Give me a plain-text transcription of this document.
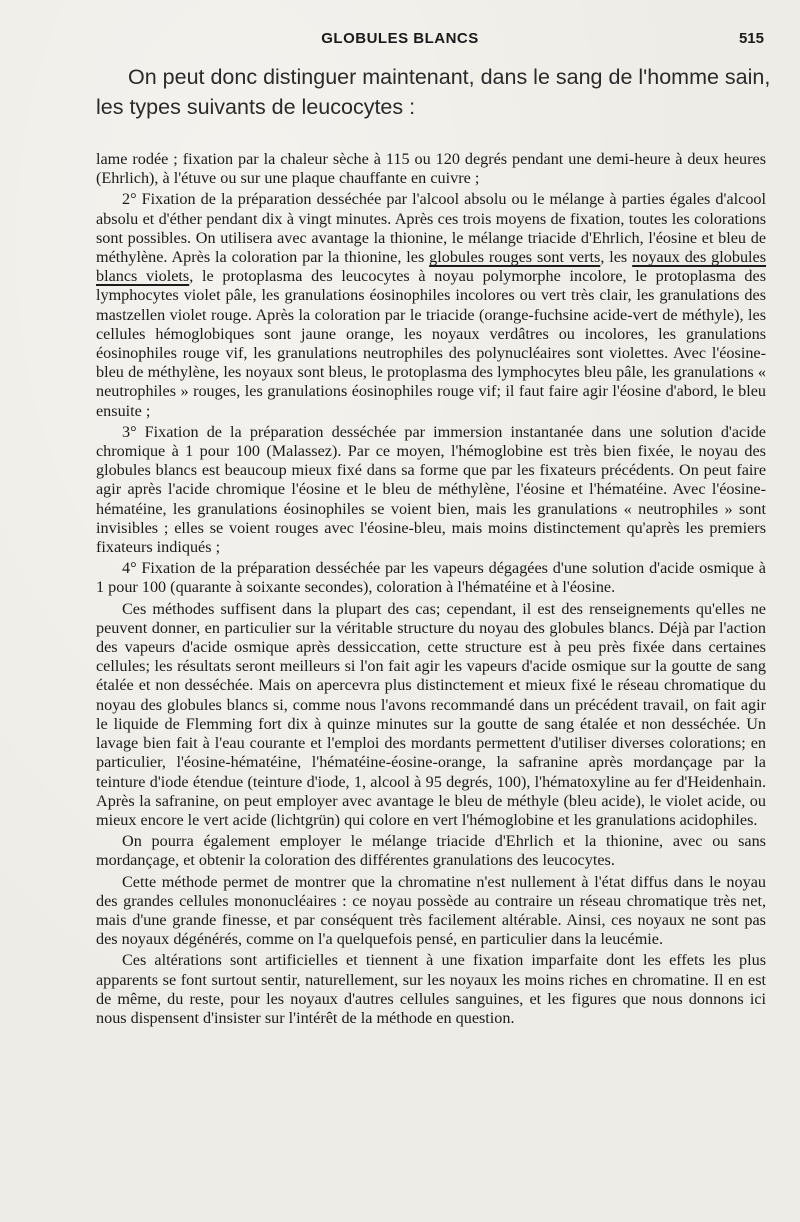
GLOBULES BLANCS	515
On peut donc distinguer maintenant, dans le sang de l'homme sain, les types suivants de leucocytes :

lame rodée ; fixation par la chaleur sèche à 115 ou 120 degrés pendant une demi-heure à deux heures (Ehrlich), à l'étuve ou sur une plaque chauffante en cuivre ;

2° Fixation de la préparation desséchée par l'alcool absolu ou le mélange à parties égales d'alcool absolu et d'éther pendant dix à vingt minutes. Après ces trois moyens de fixation, toutes les colorations sont possibles. On utilisera avec avantage la thionine, le mélange triacide d'Ehrlich, l'éosine et bleu de méthylène. Après la coloration par la thionine, les globules rouges sont verts, les noyaux des globules blancs violets, le protoplasma des leucocytes à noyau polymorphe incolore, le protoplasma des lymphocytes violet pâle, les granulations éosinophiles incolores ou vert très clair, les granulations des mastzellen violet rouge. Après la coloration par le triacide (orange-fuchsine acide-vert de méthyle), les cellules hémoglobiques sont jaune orange, les noyaux verdâtres ou incolores, les granulations éosinophiles rouge vif, les granulations neutrophiles des polynucléaires sont violettes. Avec l'éosine-bleu de méthylène, les noyaux sont bleus, le protoplasma des lymphocytes bleu pâle, les granulations « neutrophiles » rouges, les granulations éosinophiles rouge vif; il faut faire agir l'éosine d'abord, le bleu ensuite ;

3° Fixation de la préparation desséchée par immersion instantanée dans une solution d'acide chromique à 1 pour 100 (Malassez). Par ce moyen, l'hémoglobine est très bien fixée, le noyau des globules blancs est beaucoup mieux fixé dans sa forme que par les fixateurs précédents. On peut faire agir après l'acide chromique l'éosine et le bleu de méthylène, l'éosine et l'hématéine. Avec l'éosine-hématéine, les granulations éosinophiles se voient bien, mais les granulations « neutrophiles » sont invisibles ; elles se voient rouges avec l'éosine-bleu, mais moins distinctement qu'après les premiers fixateurs indiqués ;

4° Fixation de la préparation desséchée par les vapeurs dégagées d'une solution d'acide osmique à 1 pour 100 (quarante à soixante secondes), coloration à l'hématéine et à l'éosine.

Ces méthodes suffisent dans la plupart des cas; cependant, il est des renseignements qu'elles ne peuvent donner, en particulier sur la véritable structure du noyau des globules blancs. Déjà par l'action des vapeurs d'acide osmique après dessiccation, cette structure est à peu près fixée dans certaines cellules; les résultats seront meilleurs si l'on fait agir les vapeurs d'acide osmique sur la goutte de sang étalée et non desséchée. Mais on apercevra plus distinctement et mieux fixé le réseau chromatique du noyau des globules blancs si, comme nous l'avons recommandé dans un précédent travail, on fait agir le liquide de Flemming fort dix à quinze minutes sur la goutte de sang étalée et non desséchée. Un lavage bien fait à l'eau courante et l'emploi des mordants permettent d'utiliser diverses colorations; en particulier, l'éosine-hématéine, l'hématéine-éosine-orange, la safranine après mordançage par la teinture d'iode étendue (teinture d'iode, 1, alcool à 95 degrés, 100), l'hématoxyline au fer d'Heidenhain. Après la safranine, on peut employer avec avantage le bleu de méthyle (bleu acide), le violet acide, ou mieux encore le vert acide (lichtgrün) qui colore en vert l'hémoglobine et les granulations acidophiles.

On pourra également employer le mélange triacide d'Ehrlich et la thionine, avec ou sans mordançage, et obtenir la coloration des différentes granulations des leucocytes.

Cette méthode permet de montrer que la chromatine n'est nullement à l'état diffus dans le noyau des grandes cellules mononucléaires : ce noyau possède au contraire un réseau chromatique très net, mais d'une grande finesse, et par conséquent très facilement altérable. Ainsi, ces noyaux ne sont pas des noyaux dégénérés, comme on l'a quelquefois pensé, en particulier dans la leucémie.

Ces altérations sont artificielles et tiennent à une fixation imparfaite dont les effets les plus apparents se font surtout sentir, naturellement, sur les noyaux les moins riches en chromatine. Il en est de même, du reste, pour les noyaux d'autres cellules sanguines, et les figures que nous donnons ici nous dispensent d'insister sur l'intérêt de la méthode en question.
